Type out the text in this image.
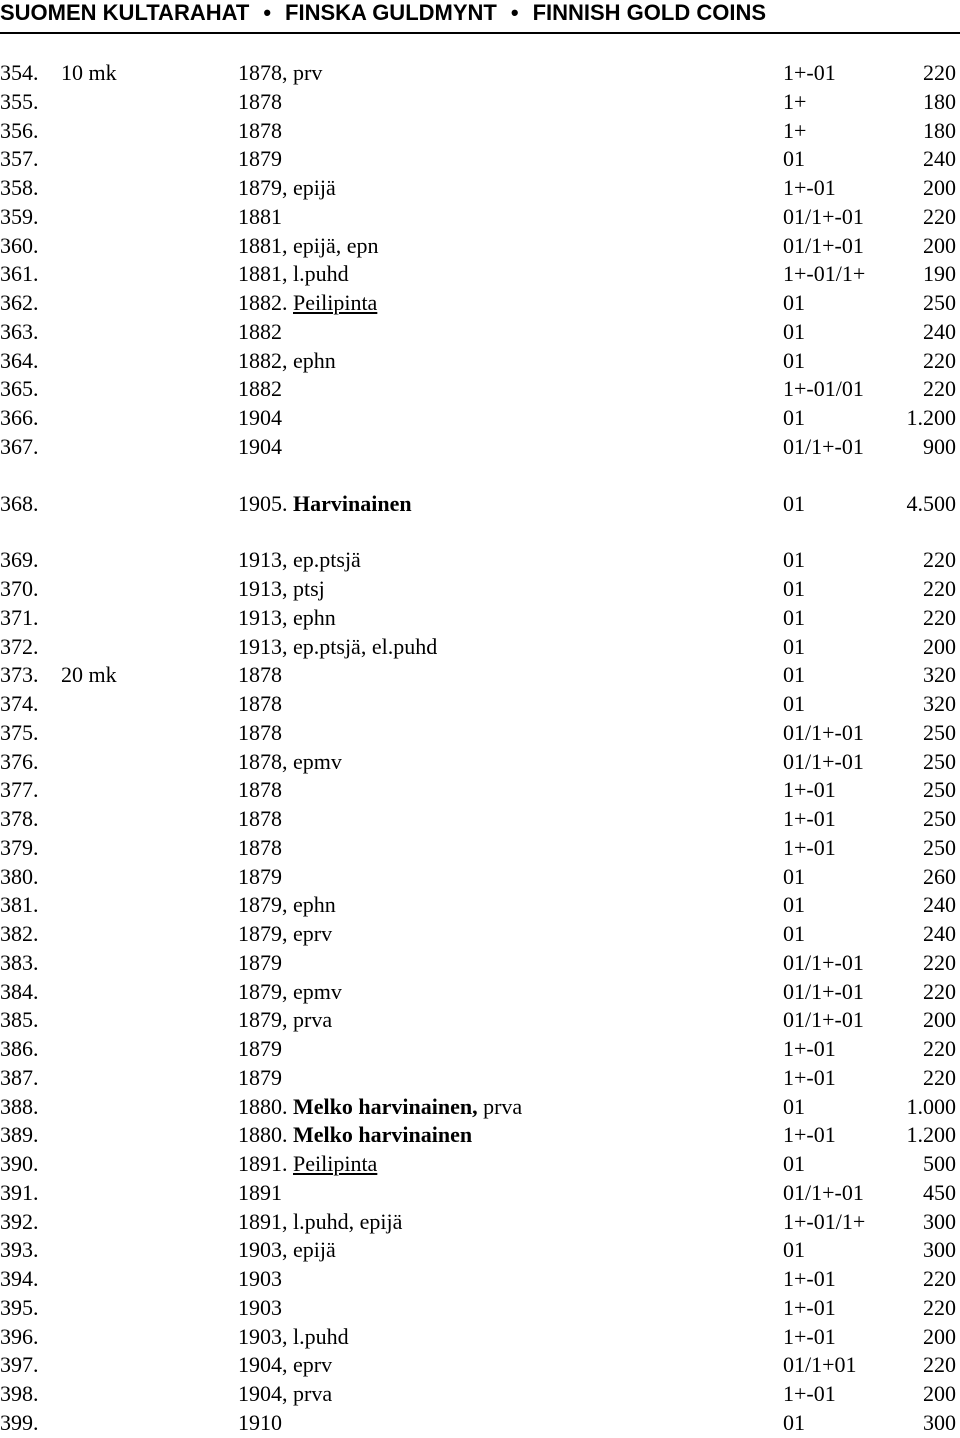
SUOMEN KULTARAHAT • FINSKA GULDMYNT • FINNISH GOLD COINS
354. 10 mk	1878, prv	1+-01	220
355.	1878	1+	180
356.	1878	1+	180
357.	1879	01	240
358.	1879, epijä	1+-01	200
359.	1881	01/1+-01	220
360.	1881, epijä, epn	01/1+-01	200
361.	1881, l.puhd	1+-01/1+	190
362.	1882. Peilipinta	01	250
363.	1882	01	240
364.	1882, ephn	01	220
365.	1882	1+-01/01	220
366.	1904	01	1.200
367.	1904	01/1+-01	900
368.	1905. Harvinainen	01	4.500
369.	1913, ep.ptsjä	01	220
370.	1913, ptsj	01	220
371.	1913, ephn	01	220
372.	1913, ep.ptsjä, el.puhd	01	200
373. 20 mk	1878	01	320
374.	1878	01	320
375.	1878	01/1+-01	250
376.	1878, epmv	01/1+-01	250
377.	1878	1+-01	250
378.	1878	1+-01	250
379.	1878	1+-01	250
380.	1879	01	260
381.	1879, ephn	01	240
382.	1879, eprv	01	240
383.	1879	01/1+-01	220
384.	1879, epmv	01/1+-01	220
385.	1879, prva	01/1+-01	200
386.	1879	1+-01	220
387.	1879	1+-01	220
388.	1880. Melko harvinainen, prva	01	1.000
389.	1880. Melko harvinainen	1+-01	1.200
390.	1891. Peilipinta	01	500
391.	1891	01/1+-01	450
392.	1891, l.puhd, epijä	1+-01/1+	300
393.	1903, epijä	01	300
394.	1903	1+-01	220
395.	1903	1+-01	220
396.	1903, l.puhd	1+-01	200
397.	1904, eprv	01/1+01	220
398.	1904, prva	1+-01	200
399.	1910	01	300
